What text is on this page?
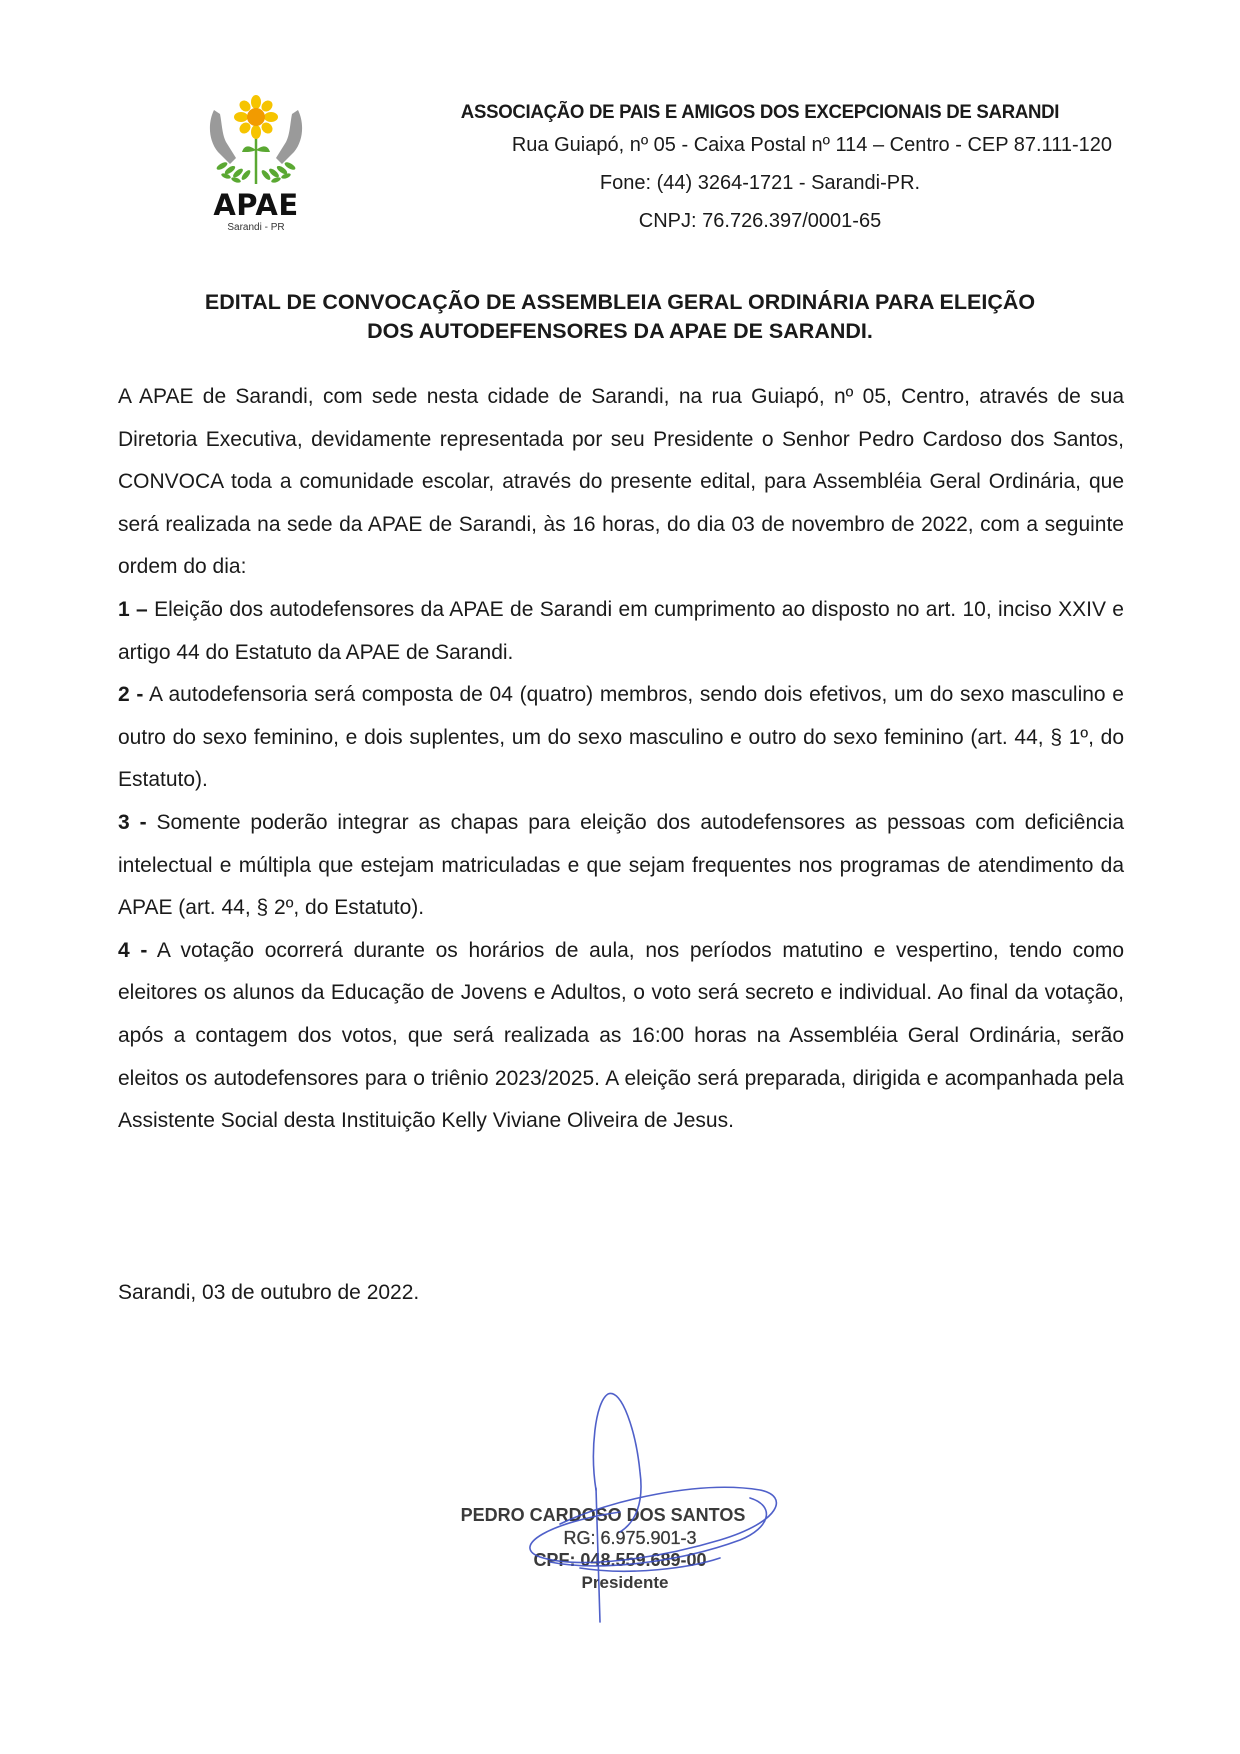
APAE
Sarandi - PR
ASSOCIAÇÃO DE PAIS E AMIGOS DOS EXCEPCIONAIS DE SARANDI
Rua Guiapó, nº 05 - Caixa Postal nº 114 – Centro - CEP 87.111-120
Fone: (44) 3264-1721 - Sarandi-PR.
CNPJ: 76.726.397/0001-65
EDITAL DE CONVOCAÇÃO DE ASSEMBLEIA GERAL ORDINÁRIA PARA ELEIÇÃO
DOS AUTODEFENSORES DA APAE DE SARANDI.

A APAE de Sarandi, com sede nesta cidade de Sarandi, na rua Guiapó, nº 05, Centro, através de sua Diretoria Executiva, devidamente representada por seu Presidente o Senhor Pedro Cardoso dos Santos, CONVOCA toda a comunidade escolar, através do presente edital, para Assembléia Geral Ordinária, que será realizada na sede da APAE de Sarandi, às 16 horas, do dia 03 de novembro de 2022, com a seguinte ordem do dia:

1 – Eleição dos autodefensores da APAE de Sarandi em cumprimento ao disposto no art. 10, inciso XXIV e artigo 44 do Estatuto da APAE de Sarandi.

2 - A autodefensoria será composta de 04 (quatro) membros, sendo dois efetivos, um do sexo masculino e outro do sexo feminino, e dois suplentes, um do sexo masculino e outro do sexo feminino (art. 44, § 1º, do Estatuto).

3 - Somente poderão integrar as chapas para eleição dos autodefensores as pessoas com deficiência intelectual e múltipla que estejam matriculadas e que sejam frequentes nos programas de atendimento da APAE (art. 44, § 2º, do Estatuto).

4 - A votação ocorrerá durante os horários de aula, nos períodos matutino e vespertino, tendo como eleitores os alunos da Educação de Jovens e Adultos, o voto será secreto e individual. Ao final da votação, após a contagem dos votos, que será realizada as 16:00 horas na Assembléia Geral Ordinária, serão eleitos os autodefensores para o triênio 2023/2025. A eleição será preparada, dirigida e acompanhada pela Assistente Social desta Instituição Kelly Viviane Oliveira de Jesus.

Sarandi, 03 de outubro de 2022.
PEDRO CARDOSO DOS SANTOS
RG: 6.975.901-3
CPF: 048.559.689-00
Presidente
